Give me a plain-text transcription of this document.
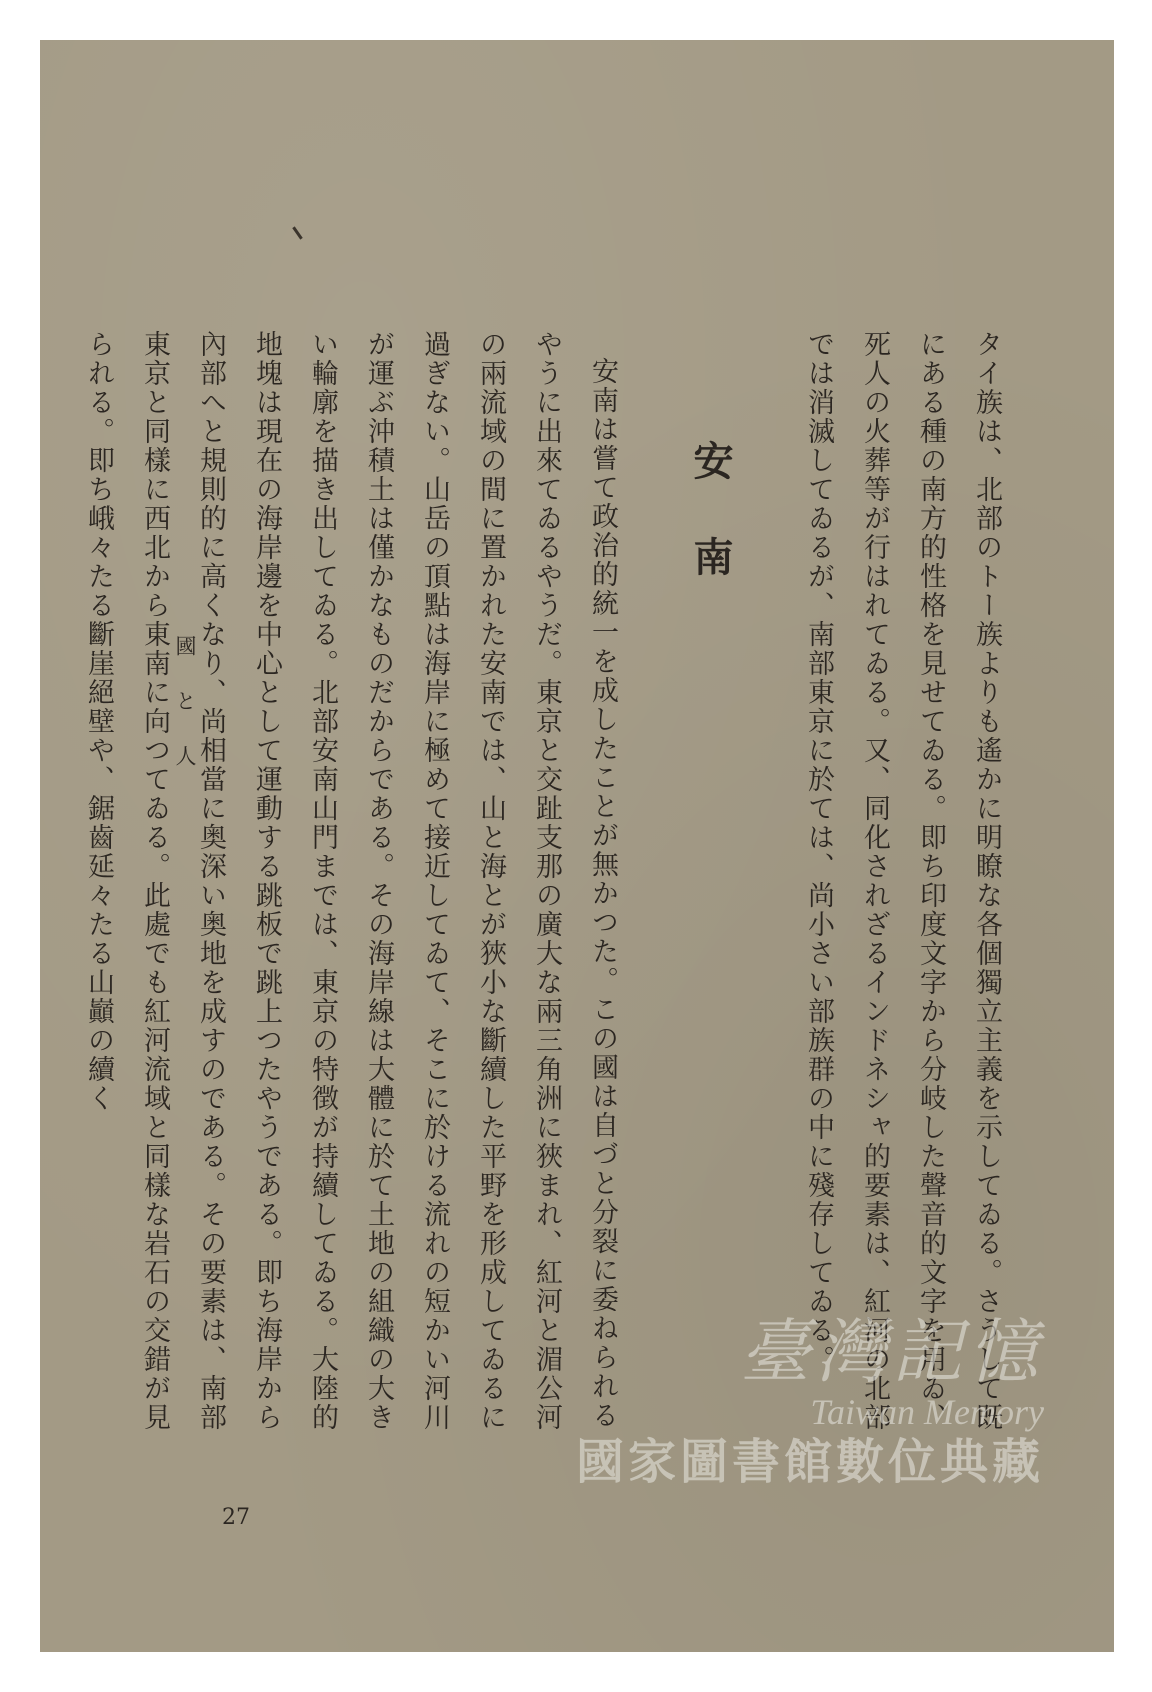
タイ族は、北部のトー族よりも遙かに明瞭な各個獨立主義を示してゐる。さうして既にある種の南方的性格を見せてゐる。即ち印度文字から分岐した聲音的文字を用ゐ、死人の火葬等が行はれてゐる。又、同化されざるインドネシャ的要素は、紅河の北部では消滅してゐるが、南部東京に於ては、尚小さい部族群の中に殘存してゐる。

安南

安南は嘗て政治的統一を成したことが無かつた。この國は自づと分裂に委ねられるやうに出來てゐるやうだ。東京と交趾支那の廣大な兩三角洲に狹まれ、紅河と湄公河の兩流域の間に置かれた安南では、山と海とが狹小な斷續した平野を形成してゐるに過ぎない。山岳の頂點は海岸に極めて接近してゐて、そこに於ける流れの短かい河川が運ぶ沖積土は僅かなものだからである。その海岸線は大體に於て土地の組織の大きい輪廓を描き出してゐる。北部安南山門までは、東京の特徴が持續してゐる。大陸的地塊は現在の海岸邊を中心として運動する跳板で跳上つたやうである。即ち海岸から內部へと規則的に高くなり、尚相當に奥深い奥地を成すのである。その要素は、南部東京と同樣に西北から東南に向つてゐる。此處でも紅河流域と同樣な岩石の交錯が見られる。即ち峨々たる斷崖絕壁や、鋸齒延々たる山巓の續く	國と人
27
臺灣記憶
Taiwan Memory
國家圖書館數位典藏
